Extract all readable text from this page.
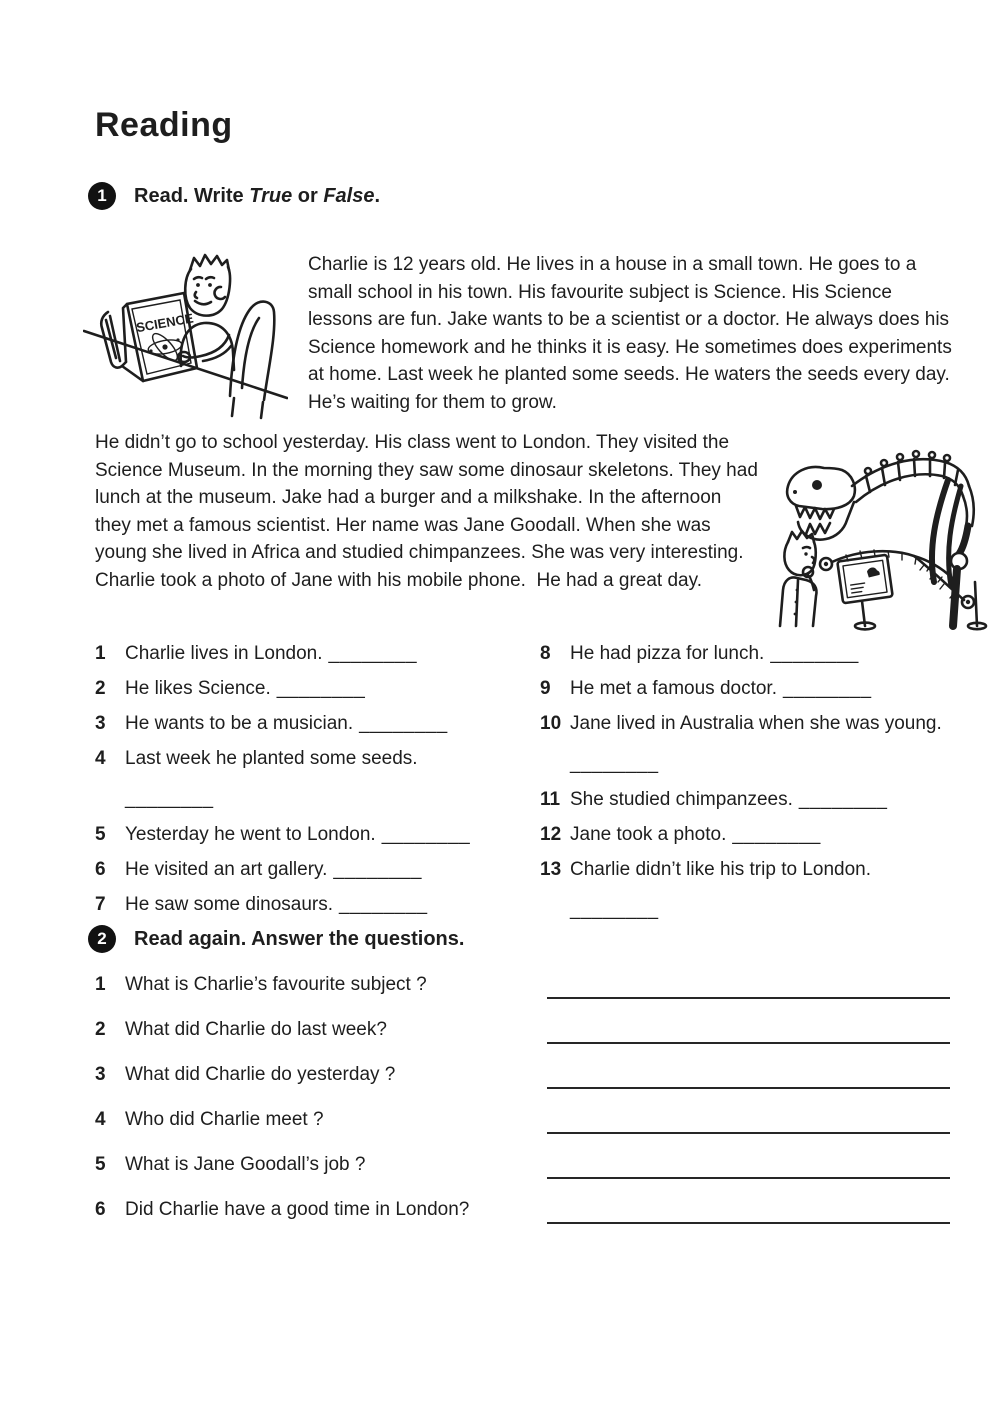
Reading
1	Read. Write True or False.
SCIENCE
Charlie is 12 years old. He lives in a house in a small town. He goes to a small school in his town. His favourite subject is Science. His Science lessons are fun. Jake wants to be a scientist or a doctor. He always does his Science homework and he thinks it is easy. He sometimes does experiments at home. Last week he planted some seeds. He waters the seeds every day. He’s waiting for them to grow.
He didn’t go to school yesterday. His class went to London. They visited the Science Museum. In the morning they saw some dinosaur skeletons. They had lunch at the museum. Jake had a burger and a milkshake. In the afternoon they met a famous scientist. Her name was Jane Goodall. When she was young she lived in Africa and studied chimpanzees. She was very interesting. Charlie took a photo of Jane with his mobile phone.  He had a great day.
1	Charlie lives in London. ________
2	He likes Science. ________
3	He wants to be a musician. ________
4	Last week he planted some seeds.
________
5	Yesterday he went to London. ________
6	He visited an art gallery. ________
7	He saw some dinosaurs. ________
8	He had pizza for lunch. ________
9	He met a famous doctor. ________
10 Jane lived in Australia when she was young.
________
11 She studied chimpanzees. ________
12 Jane took a photo. ________
13 Charlie didn’t like his trip to London.
________
2	Read again. Answer the questions.
1 What is Charlie’s favourite subject ?
2 What did Charlie do last week?
3 What did Charlie do yesterday ?
4 Who did Charlie meet ?
5 What is Jane Goodall’s job ?
6 Did Charlie have a good time in London?
